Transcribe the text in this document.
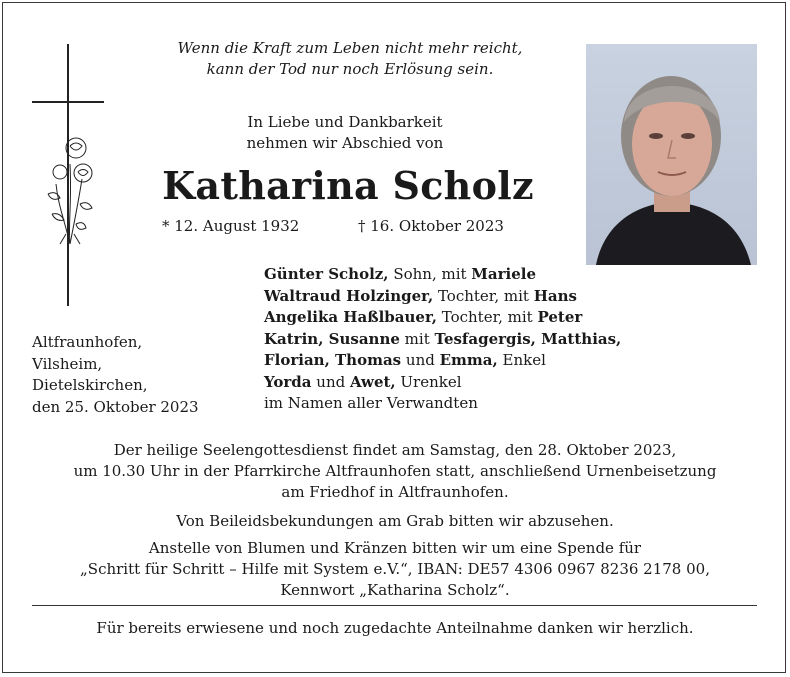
Wenn die Kraft zum Leben nicht mehr reicht,
kann der Tod nur noch Erlösung sein.
In Liebe und Dankbarkeit
nehmen wir Abschied von
Katharina Scholz
* 12. August 1932	† 16. Oktober 2023
Günter Scholz, Sohn, mit Mariele
Waltraud Holzinger, Tochter, mit Hans
Angelika Haßlbauer, Tochter, mit Peter
Katrin, Susanne mit Tesfagergis, Matthias,
Florian, Thomas und Emma, Enkel
Yorda und Awet, Urenkel
im Namen aller Verwandten
Altfraunhofen,
Vilsheim,
Dietelskirchen,
den 25. Oktober 2023
Der heilige Seelengottesdienst findet am Samstag, den 28. Oktober 2023,
um 10.30 Uhr in der Pfarrkirche Altfraunhofen statt, anschließend Urnenbeisetzung
am Friedhof in Altfraunhofen.
Von Beileidsbekundungen am Grab bitten wir abzusehen.
Anstelle von Blumen und Kränzen bitten wir um eine Spende für
„Schritt für Schritt – Hilfe mit System e.V.“, IBAN: DE57 4306 0967 8236 2178 00,
Kennwort „Katharina Scholz“.
Für bereits erwiesene und noch zugedachte Anteilnahme danken wir herzlich.
